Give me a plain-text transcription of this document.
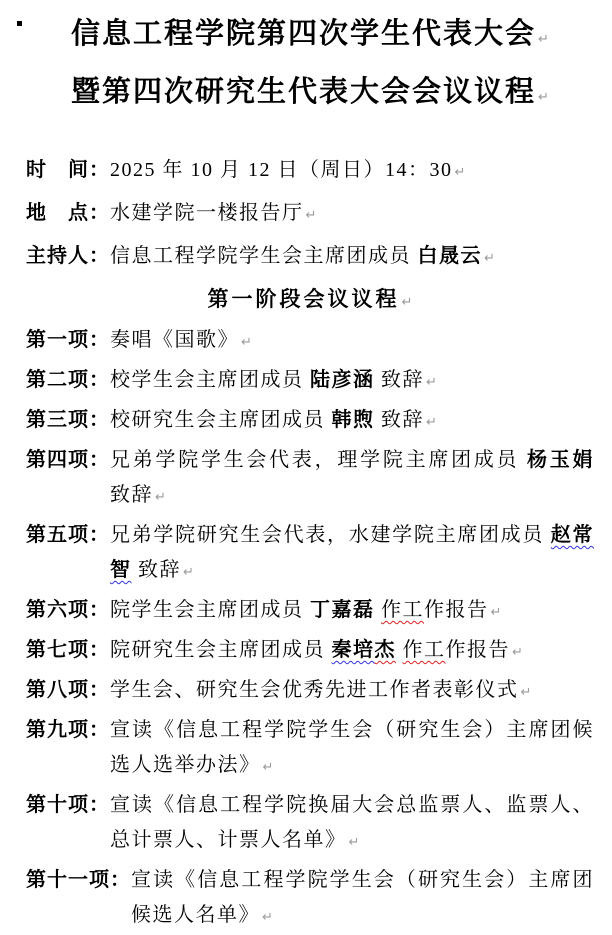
信息工程学院第四次学生代表大会 ↵
暨第四次研究生代表大会会议议程 ↵
时　间： 2025 年 10 月 12 日（周日）14：30 ↵
地　点： 水建学院一楼报告厅 ↵
主持人： 信息工程学院学生会主席团成员 白晟云 ↵
第一阶段会议议程 ↵
第一项： 奏唱《国歌》 ↵
第二项： 校学生会主席团成员 陆彦涵 致辞 ↵
第三项： 校研究生会主席团成员 韩煦 致辞 ↵
第四项： 兄弟学院学生会代表，理学院主席团成员 杨玉娟 致辞 ↵
第五项： 兄弟学院研究生会代表，水建学院主席团成员 赵常智 致辞 ↵
第六项： 院学生会主席团成员 丁嘉磊 作工作报告 ↵
第七项： 院研究生会主席团成员 秦培杰 作工作报告 ↵
第八项： 学生会、研究生会优秀先进工作者表彰仪式 ↵
第九项： 宣读《信息工程学院学生会（研究生会）主席团候选人选举办法》 ↵
第十项： 宣读《信息工程学院换届大会总监票人、监票人、总计票人、计票人名单》 ↵
第十一项： 宣读《信息工程学院学生会（研究生会）主席团候选人名单》 ↵
